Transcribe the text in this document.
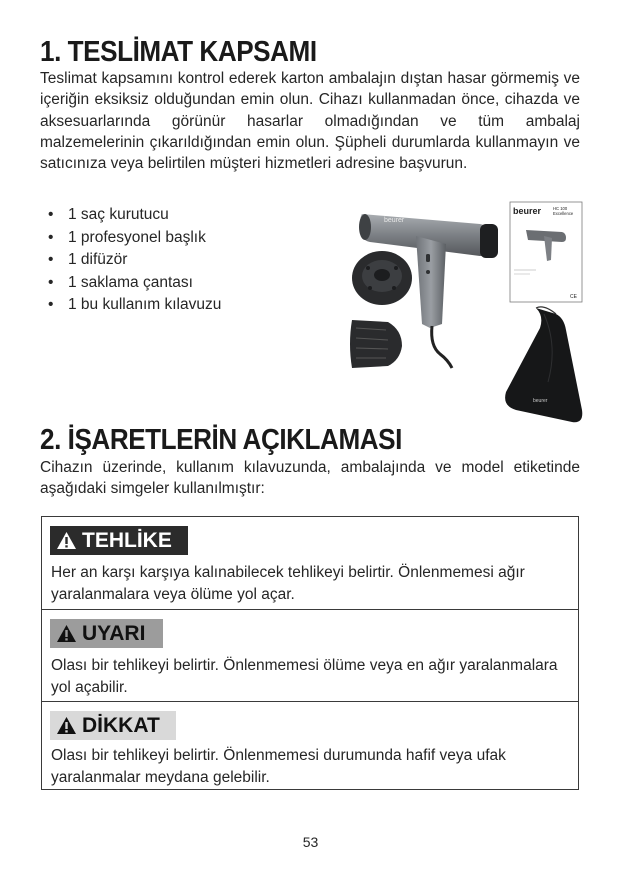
1. TESLİMAT KAPSAMI

Teslimat kapsamını kontrol ederek karton ambalajın dıştan hasar görmemiş ve içeriğin eksiksiz olduğundan emin olun. Cihazı kullanmadan önce, cihazda ve aksesuarlarında görünür hasarlar olmadığından ve tüm ambalaj malzemelerinin çıkarıldığından emin olun. Şüpheli durumlarda kullanmayın ve satıcınıza veya belirtilen müşteri hizmetleri adresine başvurun.

• 1 saç kurutucu
• 1 profesyonel başlık
• 1 difüzör
• 1 saklama çantası
• 1 bu kullanım kılavuzu
beurer
beurer	HC 100
Excellence
CE
beurer
2. İŞARETLERİN AÇIKLAMASI

Cihazın üzerinde, kullanım kılavuzunda, ambalajında ve model etiketinde aşağıdaki simgeler kullanılmıştır:

TEHLİKE

Her an karşı karşıya kalınabilecek tehlikeyi belirtir. Önlenmemesi ağır yaralanmalara veya ölüme yol açar.

UYARI

Olası bir tehlikeyi belirtir. Önlenmemesi ölüme veya en ağır yaralanmalara yol açabilir.

DİKKAT

Olası bir tehlikeyi belirtir. Önlenmemesi durumunda hafif veya ufak yaralanmalar meydana gelebilir.

53
